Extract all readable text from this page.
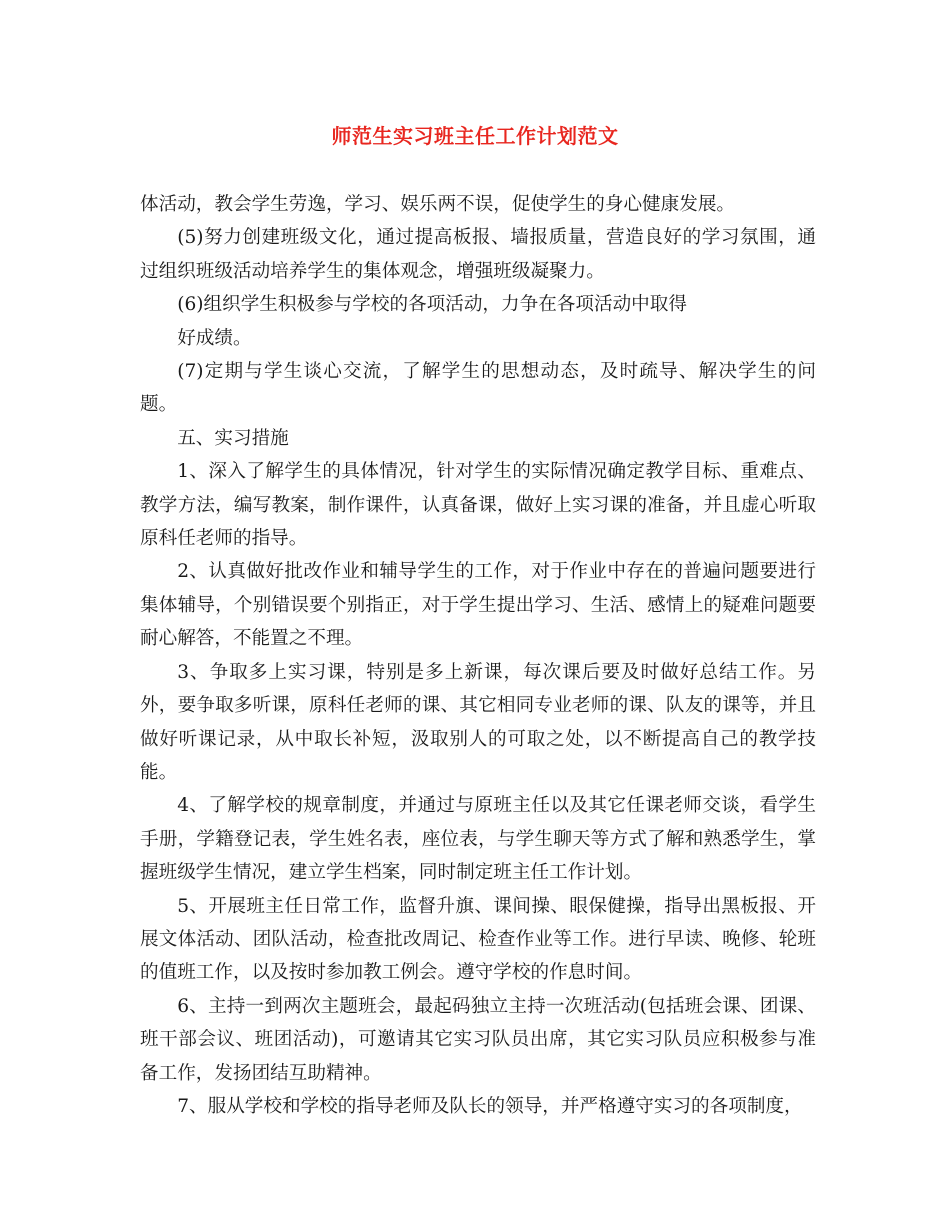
师范生实习班主任工作计划范文

体活动，教会学生劳逸，学习、娱乐两不误，促使学生的身心健康发展。

(5)努力创建班级文化，通过提高板报、墙报质量，营造良好的学习氛围，通过组织班级活动培养学生的集体观念，增强班级凝聚力。

(6)组织学生积极参与学校的各项活动，力争在各项活动中取得

好成绩。

(7)定期与学生谈心交流，了解学生的思想动态，及时疏导、解决学生的问题。

五、实习措施

1、深入了解学生的具体情况，针对学生的实际情况确定教学目标、重难点、教学方法，编写教案，制作课件，认真备课，做好上实习课的准备，并且虚心听取原科任老师的指导。

2、认真做好批改作业和辅导学生的工作，对于作业中存在的普遍问题要进行集体辅导，个别错误要个别指正，对于学生提出学习、生活、感情上的疑难问题要耐心解答，不能置之不理。

3、争取多上实习课，特别是多上新课，每次课后要及时做好总结工作。另外，要争取多听课，原科任老师的课、其它相同专业老师的课、队友的课等，并且做好听课记录，从中取长补短，汲取别人的可取之处，以不断提高自己的教学技能。

4、了解学校的规章制度，并通过与原班主任以及其它任课老师交谈，看学生手册，学籍登记表，学生姓名表，座位表，与学生聊天等方式了解和熟悉学生，掌握班级学生情况，建立学生档案，同时制定班主任工作计划。

5、开展班主任日常工作，监督升旗、课间操、眼保健操，指导出黑板报、开展文体活动、团队活动，检查批改周记、检查作业等工作。进行早读、晚修、轮班的值班工作，以及按时参加教工例会。遵守学校的作息时间。

6、主持一到两次主题班会，最起码独立主持一次班活动(包括班会课、团课、班干部会议、班团活动)，可邀请其它实习队员出席，其它实习队员应积极参与准备工作，发扬团结互助精神。

7、服从学校和学校的指导老师及队长的领导，并严格遵守实习的各项制度，
